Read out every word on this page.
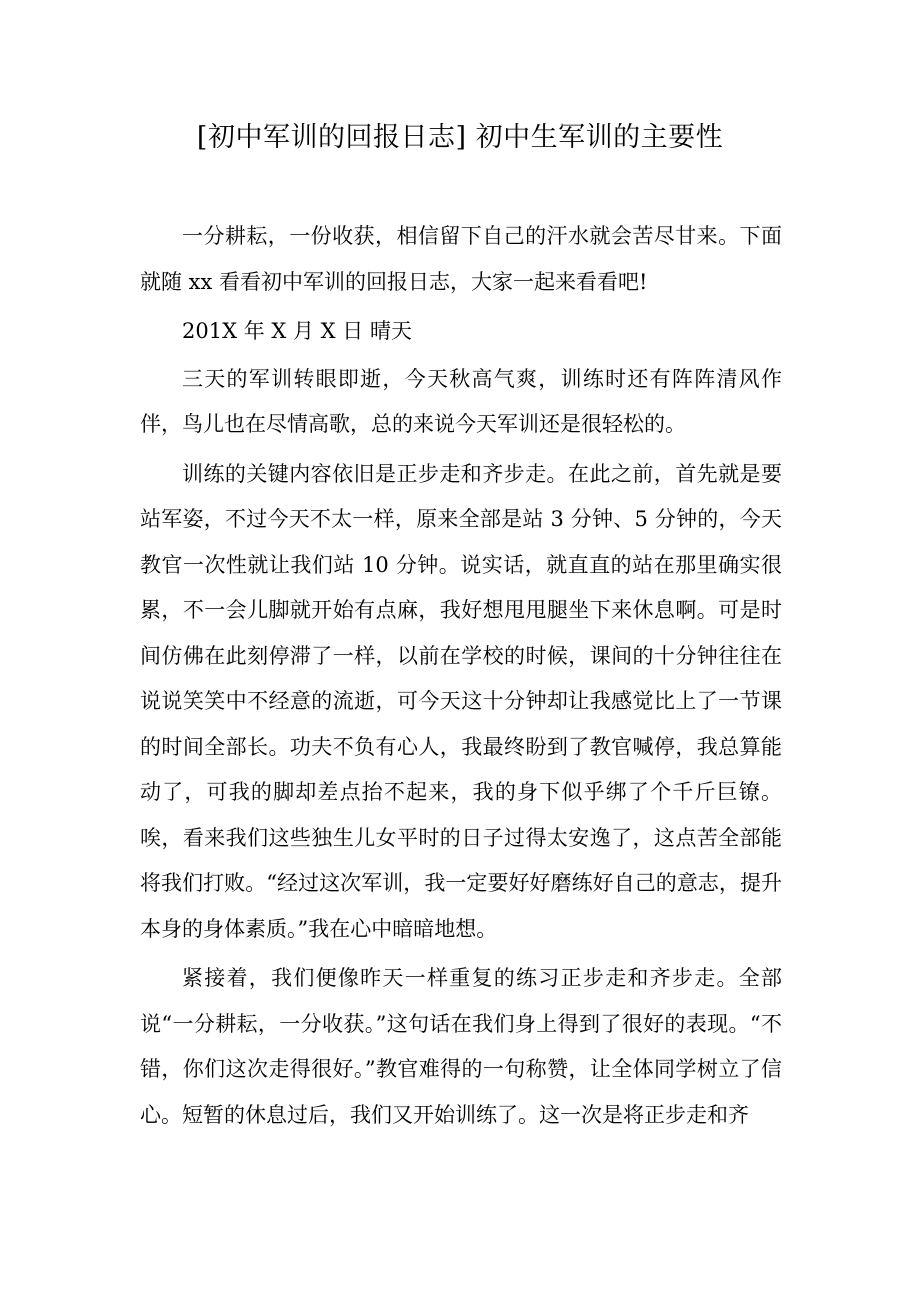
[初中军训的回报日志] 初中生军训的主要性

一分耕耘，一份收获，相信留下自己的汗水就会苦尽甘来。下面就随 xx 看看初中军训的回报日志，大家一起来看看吧!

201X 年 X 月 X 日 晴天

三天的军训转眼即逝，今天秋高气爽，训练时还有阵阵清风作伴，鸟儿也在尽情高歌，总的来说今天军训还是很轻松的。

训练的关键内容依旧是正步走和齐步走。在此之前，首先就是要站军姿，不过今天不太一样，原来全部是站 3 分钟、5 分钟的，今天教官一次性就让我们站 10 分钟。说实话，就直直的站在那里确实很累，不一会儿脚就开始有点麻，我好想甩甩腿坐下来休息啊。可是时间仿佛在此刻停滞了一样，以前在学校的时候，课间的十分钟往往在说说笑笑中不经意的流逝，可今天这十分钟却让我感觉比上了一节课的时间全部长。功夫不负有心人，我最终盼到了教官喊停，我总算能动了，可我的脚却差点抬不起来，我的身下似乎绑了个千斤巨镣。唉，看来我们这些独生儿女平时的日子过得太安逸了，这点苦全部能将我们打败。“经过这次军训，我一定要好好磨练好自己的意志，提升本身的身体素质。”我在心中暗暗地想。

紧接着，我们便像昨天一样重复的练习正步走和齐步走。全部说“一分耕耘，一分收获。”这句话在我们身上得到了很好的表现。“不错，你们这次走得很好。”教官难得的一句称赞，让全体同学树立了信心。短暂的休息过后，我们又开始训练了。这一次是将正步走和齐
